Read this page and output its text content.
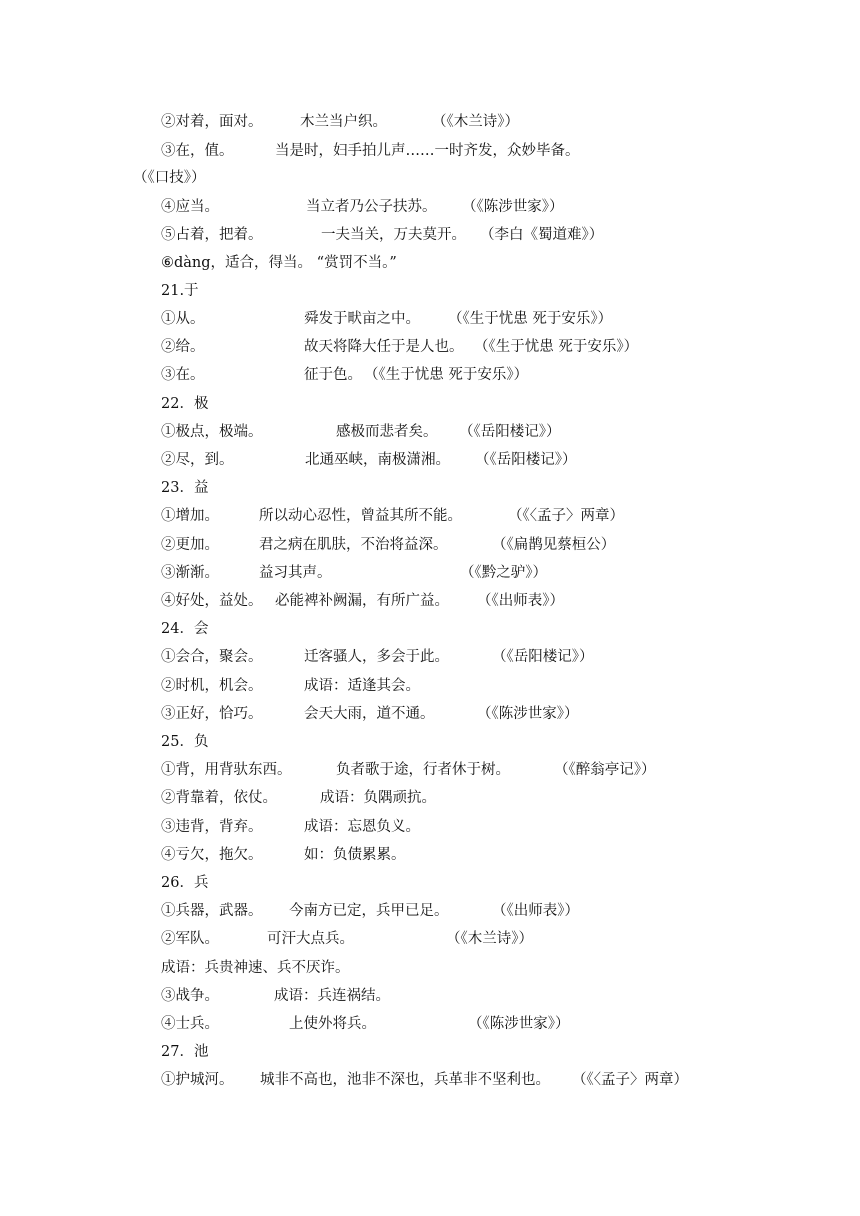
②对着，面对。	木兰当户织。	（《木兰诗》）
③在，值。	当是时，妇手拍儿声……一时齐发，众妙毕备。
（《口技》）
④应当。	当立者乃公子扶苏。 （《陈涉世家》）
⑤占着，把着。	一夫当关，万夫莫开。 （李白《蜀道难》）
⑥dàng，适合，得当。 “赏罚不当。”
21.于
①从。	舜发于畎亩之中。 （《生于忧患 死于安乐》）
②给。	故天将降大任于是人也。 （《生于忧患 死于安乐》）
③在。	征于色。 （《生于忧患 死于安乐》）
22．极
①极点，极端。	感极而悲者矣。 （《岳阳楼记》）
②尽，到。	北通巫峡，南极潇湘。 （《岳阳楼记》）
23．益
①增加。	所以动心忍性，曾益其所不能。	（《〈孟子〉两章）
②更加。	君之病在肌肤，不治将益深。	（《扁鹊见蔡桓公）
③渐渐。	益习其声。	（《黔之驴》）
④好处，益处。 必能裨补阙漏，有所广益。 （《出师表》）
24．会
①会合，聚会。	迁客骚人，多会于此。	（《岳阳楼记》）
②时机，机会。	成语：适逢其会。
③正好，恰巧。	会天大雨，道不通。	（《陈涉世家》）
25．负
①背，用背驮东西。	负者歌于途，行者休于树。	（《醉翁亭记》）
②背靠着，依仗。	成语：负隅顽抗。
③违背，背弃。	成语：忘恩负义。
④亏欠，拖欠。	如：负债累累。
26．兵
①兵器，武器。 今南方已定，兵甲已足。	（《出师表》）
②军队。	可汗大点兵。	（《木兰诗》）
成语：兵贵神速、兵不厌诈。
③战争。	成语：兵连祸结。
④士兵。	上使外将兵。	（《陈涉世家》）
27．池
①护城河。 城非不高也，池非不深也，兵革非不坚利也。 （《〈孟子〉两章）
